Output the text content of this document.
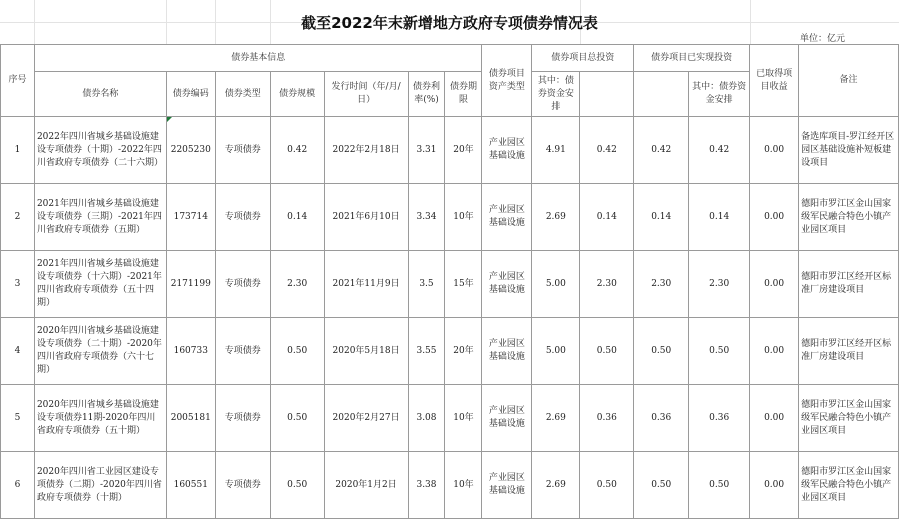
截至2022年末新增地方政府专项债券情况表
单位：亿元
序号	债券基本信息							债券项目资产类型	债券项目总投资		债券项目已实现投资		已取得项目收益	备注
	债券名称	债券编码	债券类型	债券规模	发行时间（年/月/日）	债券利率(%)	债券期限		其中：债券资金安排			其中：债券资金安排		
1	2022年四川省城乡基础设施建设专项债券（十期）-2022年四川省政府专项债券（二十六期）	2205230	专项债券	0.42	2022年2月18日	3.31	20年	产业园区基础设施	4.91	0.42	0.42	0.42	0.00	备选库项目-罗江经开区园区基础设施补短板建设项目
2	2021年四川省城乡基础设施建设专项债券（三期）-2021年四川省政府专项债券（五期）	173714	专项债券	0.14	2021年6月10日	3.34	10年	产业园区基础设施	2.69	0.14	0.14	0.14	0.00	德阳市罗江区金山国家级军民融合特色小镇产业园区项目
3	2021年四川省城乡基础设施建设专项债券（十六期）-2021年四川省政府专项债券（五十四期）	2171199	专项债券	2.30	2021年11月9日	3.5	15年	产业园区基础设施	5.00	2.30	2.30	2.30	0.00	德阳市罗江区经开区标准厂房建设项目
4	2020年四川省城乡基础设施建设专项债券（二十期）-2020年四川省政府专项债券（六十七期）	160733	专项债券	0.50	2020年5月18日	3.55	20年	产业园区基础设施	5.00	0.50	0.50	0.50	0.00	德阳市罗江区经开区标准厂房建设项目
5	2020年四川省城乡基础设施建设专项债券11期-2020年四川省政府专项债券（五十期）	2005181	专项债券	0.50	2020年2月27日	3.08	10年	产业园区基础设施	2.69	0.36	0.36	0.36	0.00	德阳市罗江区金山国家级军民融合特色小镇产业园区项目
6	2020年四川省工业园区建设专项债券（二期）-2020年四川省政府专项债券（十期）	160551	专项债券	0.50	2020年1月2日	3.38	10年	产业园区基础设施	2.69	0.50	0.50	0.50	0.00	德阳市罗江区金山国家级军民融合特色小镇产业园区项目
